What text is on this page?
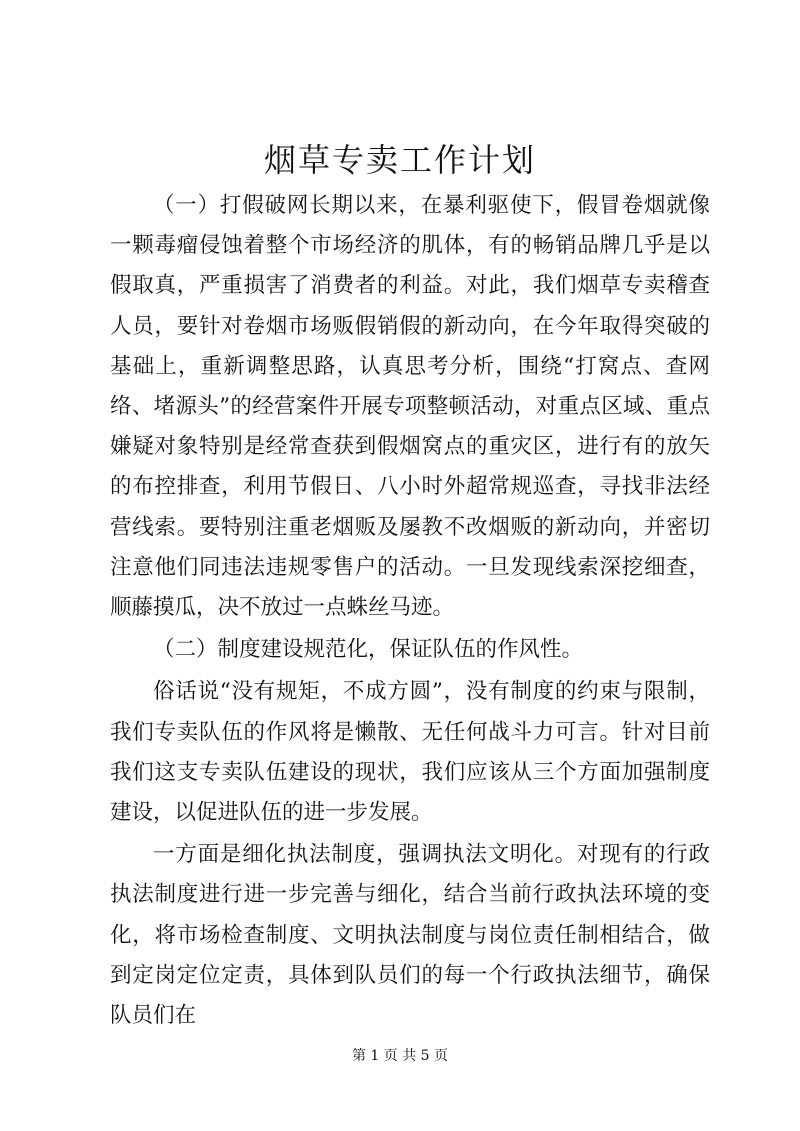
烟草专卖工作计划

（一）打假破网长期以来，在暴利驱使下，假冒卷烟就像一颗毒瘤侵蚀着整个市场经济的肌体，有的畅销品牌几乎是以假取真，严重损害了消费者的利益。对此，我们烟草专卖稽查人员，要针对卷烟市场贩假销假的新动向，在今年取得突破的基础上，重新调整思路，认真思考分析，围绕“打窝点、查网络、堵源头”的经营案件开展专项整顿活动，对重点区域、重点嫌疑对象特别是经常查获到假烟窝点的重灾区，进行有的放矢的布控排查，利用节假日、八小时外超常规巡查，寻找非法经营线索。要特别注重老烟贩及屡教不改烟贩的新动向，并密切注意他们同违法违规零售户的活动。一旦发现线索深挖细查，顺藤摸瓜，决不放过一点蛛丝马迹。

（二）制度建设规范化，保证队伍的作风性。

俗话说“没有规矩，不成方圆”，没有制度的约束与限制，我们专卖队伍的作风将是懒散、无任何战斗力可言。针对目前我们这支专卖队伍建设的现状，我们应该从三个方面加强制度建设，以促进队伍的进一步发展。

一方面是细化执法制度，强调执法文明化。对现有的行政执法制度进行进一步完善与细化，结合当前行政执法环境的变化，将市场检查制度、文明执法制度与岗位责任制相结合，做到定岗定位定责，具体到队员们的每一个行政执法细节，确保队员们在

第 1 页 共 5 页
